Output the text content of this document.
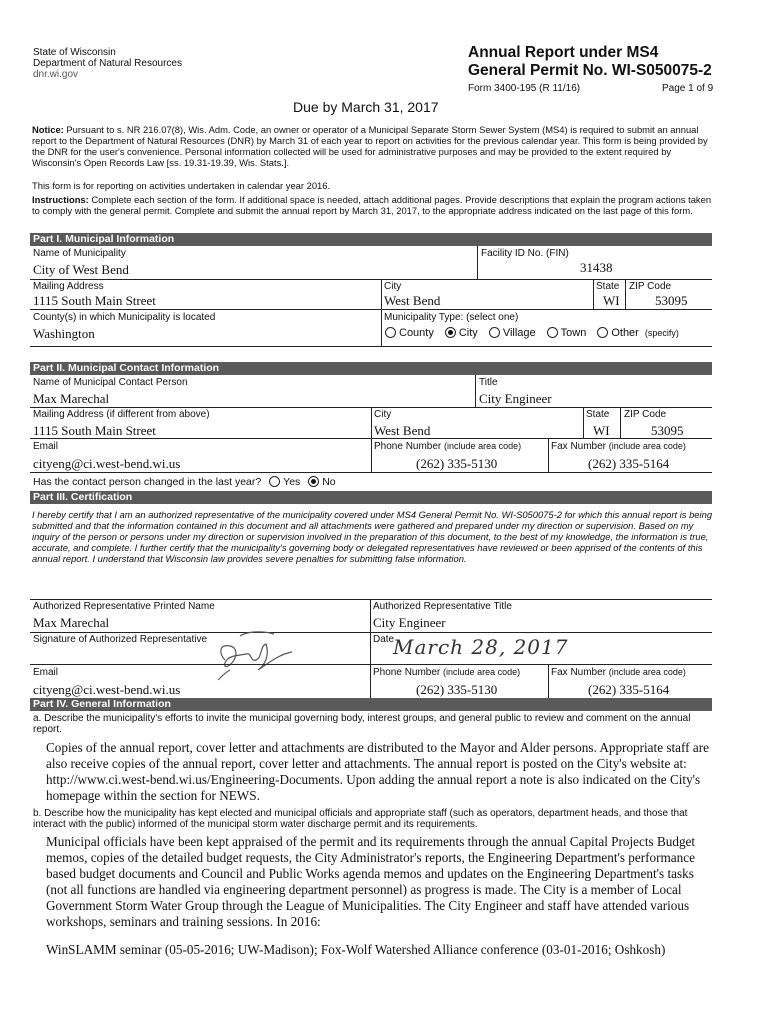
State of Wisconsin
Department of Natural Resources
dnr.wi.gov
Annual Report under MS4
General Permit No. WI-S050075-2
Form 3400-195 (R 11/16)	Page 1 of 9
Due by March 31, 2017
Notice: Pursuant to s. NR 216.07(8), Wis. Adm. Code, an owner or operator of a Municipal Separate Storm Sewer System (MS4) is required to submit an annual report to the Department of Natural Resources (DNR) by March 31 of each year to report on activities for the previous calendar year. This form is being provided by the DNR for the user's convenience. Personal information collected will be used for administrative purposes and may be provided to the extent required by Wisconsin's Open Records Law [ss. 19.31-19.39, Wis. Stats.].
This form is for reporting on activities undertaken in calendar year 2016.
Instructions: Complete each section of the form. If additional space is needed, attach additional pages. Provide descriptions that explain the program actions taken to comply with the general permit. Complete and submit the annual report by March 31, 2017, to the appropriate address indicated on the last page of this form.
Part I. Municipal Information
Name of Municipality
City of West Bend
Facility ID No. (FIN)
31438
Mailing Address
1115 South Main Street
City
West Bend
State
WI
ZIP Code
53095
County(s) in which Municipality is located
Washington
Municipality Type: (select one)
County City Village Town Other (specify)
Part II. Municipal Contact Information
Name of Municipal Contact Person
Max Marechal
Title
City Engineer
Mailing Address (if different from above)
1115 South Main Street
City
West Bend
State
WI
ZIP Code
53095
Email
cityeng@ci.west-bend.wi.us
Phone Number (include area code)
(262) 335-5130
Fax Number (include area code)
(262) 335-5164
Has the contact person changed in the last year? Yes No
Part III. Certification
I hereby certify that I am an authorized representative of the municipality covered under MS4 General Permit No. WI-S050075-2 for which this annual report is being submitted and that the information contained in this document and all attachments were gathered and prepared under my direction or supervision. Based on my inquiry of the person or persons under my direction or supervision involved in the preparation of this document, to the best of my knowledge, the information is true, accurate, and complete. I further certify that the municipality's governing body or delegated representatives have reviewed or been apprised of the contents of this annual report. I understand that Wisconsin law provides severe penalties for submitting false information.
Authorized Representative Printed Name
Max Marechal
Authorized Representative Title
City Engineer
Signature of Authorized Representative	Date
March 28, 2017
Email
cityeng@ci.west-bend.wi.us
Phone Number (include area code)
(262) 335-5130
Fax Number (include area code)
(262) 335-5164
Part IV. General Information
a. Describe the municipality's efforts to invite the municipal governing body, interest groups, and general public to review and comment on the annual report.
Copies of the annual report, cover letter and attachments are distributed to the Mayor and Alder persons. Appropriate staff are also receive copies of the annual report, cover letter and attachments. The annual report is posted on the City's website at: http://www.ci.west-bend.wi.us/Engineering-Documents. Upon adding the annual report a note is also indicated on the City's homepage within the section for NEWS.
b. Describe how the municipality has kept elected and municipal officials and appropriate staff (such as operators, department heads, and those that interact with the public) informed of the municipal storm water discharge permit and its requirements.
Municipal officials have been kept appraised of the permit and its requirements through the annual Capital Projects Budget memos, copies of the detailed budget requests, the City Administrator's reports, the Engineering Department's performance based budget documents and Council and Public Works agenda memos and updates on the Engineering Department's tasks (not all functions are handled via engineering department personnel) as progress is made. The City is a member of Local Government Storm Water Group through the League of Municipalities. The City Engineer and staff have attended various workshops, seminars and training sessions. In 2016:
WinSLAMM seminar (05-05-2016; UW-Madison); Fox-Wolf Watershed Alliance conference (03-01-2016; Oshkosh)
